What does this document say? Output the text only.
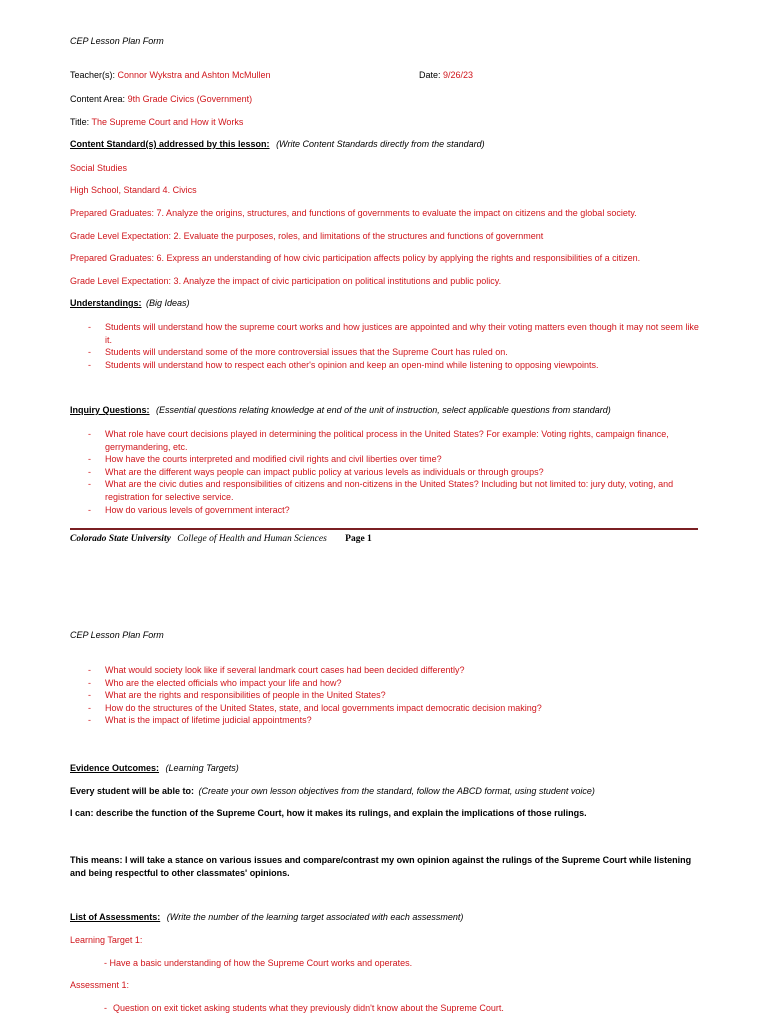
CEP Lesson Plan Form
Teacher(s): Connor Wykstra and Ashton McMullen	Date: 9/26/23
Content Area: 9th Grade Civics (Government)
Title: The Supreme Court and How it Works
Content Standard(s) addressed by this lesson: (Write Content Standards directly from the standard)
Social Studies
High School, Standard 4. Civics
Prepared Graduates: 7. Analyze the origins, structures, and functions of governments to evaluate the impact on citizens and the global society.
Grade Level Expectation: 2. Evaluate the purposes, roles, and limitations of the structures and functions of government
Prepared Graduates: 6. Express an understanding of how civic participation affects policy by applying the rights and responsibilities of a citizen.
Grade Level Expectation: 3. Analyze the impact of civic participation on political institutions and public policy.
Understandings: (Big Ideas)
- Students will understand how the supreme court works and how justices are appointed and why their voting matters even though it may not seem like it.
- Students will understand some of the more controversial issues that the Supreme Court has ruled on.
- Students will understand how to respect each other's opinion and keep an open-mind while listening to opposing viewpoints.
Inquiry Questions: (Essential questions relating knowledge at end of the unit of instruction, select applicable questions from standard)
- What role have court decisions played in determining the political process in the United States? For example: Voting rights, campaign finance, gerrymandering, etc.
- How have the courts interpreted and modified civil rights and civil liberties over time?
- What are the different ways people can impact public policy at various levels as individuals or through groups?
- What are the civic duties and responsibilities of citizens and non-citizens in the United States? Including but not limited to: jury duty, voting, and registration for selective service.
- How do various levels of government interact?
Colorado State University College of Health and Human Sciences Page 1
CEP Lesson Plan Form
- What would society look like if several landmark court cases had been decided differently?
- Who are the elected officials who impact your life and how?
- What are the rights and responsibilities of people in the United States?
- How do the structures of the United States, state, and local governments impact democratic decision making?
- What is the impact of lifetime judicial appointments?
Evidence Outcomes: (Learning Targets)
Every student will be able to: (Create your own lesson objectives from the standard, follow the ABCD format, using student voice)
I can: describe the function of the Supreme Court, how it makes its rulings, and explain the implications of those rulings.
This means: I will take a stance on various issues and compare/contrast my own opinion against the rulings of the Supreme Court while listening and being respectful to other classmates' opinions.
List of Assessments: (Write the number of the learning target associated with each assessment)
Learning Target 1:
- Have a basic understanding of how the Supreme Court works and operates.
Assessment 1:
- Question on exit ticket asking students what they previously didn't know about the Supreme Court.
